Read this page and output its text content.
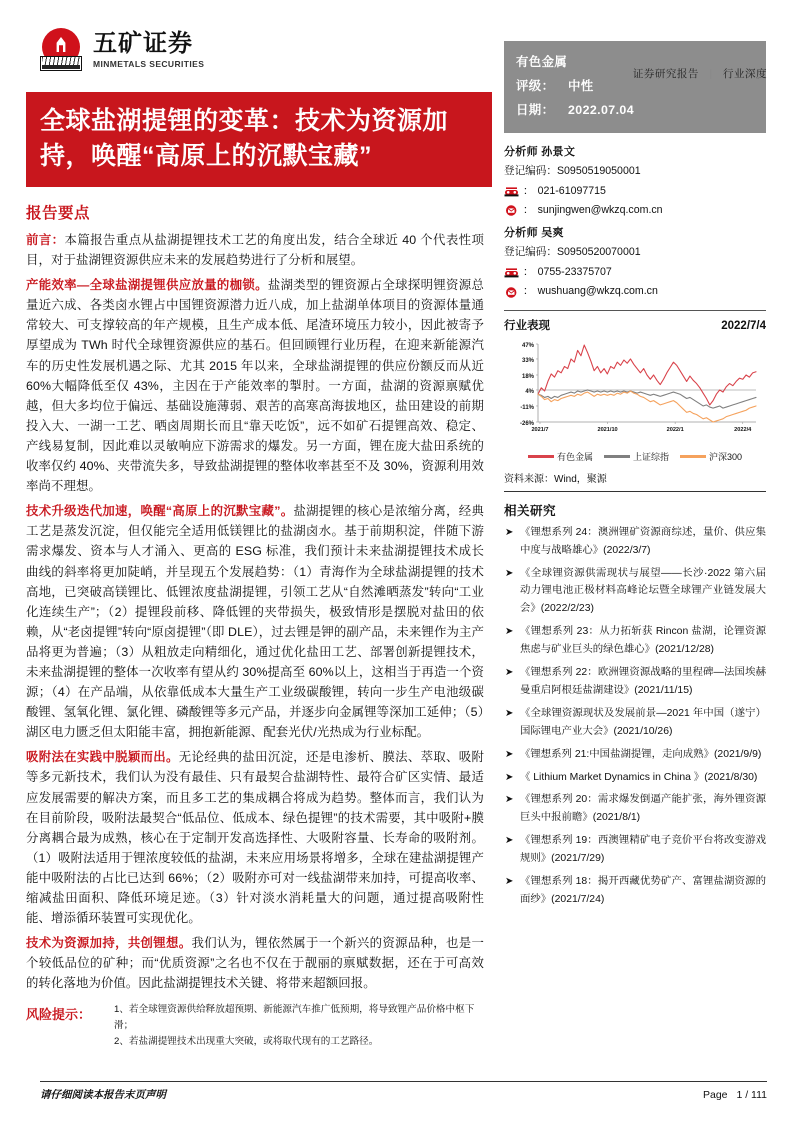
五矿证券
MINMETALS SECURITIES
证券研究报告 | 行业深度
全球盐湖提锂的变革：技术为资源加持，唤醒“高原上的沉默宝藏”
报告要点

前言：本篇报告重点从盐湖提锂技术工艺的角度出发，结合全球近 40 个代表性项目，对于盐湖锂资源供应未来的发展趋势进行了分析和展望。

产能效率—全球盐湖提锂供应放量的枷锁。盐湖类型的锂资源占全球探明锂资源总量近六成、各类卤水锂占中国锂资源潜力近八成，加上盐湖单体项目的资源体量通常较大、可支撑较高的年产规模，且生产成本低、尾渣环境压力较小，因此被寄予厚望成为 TWh 时代全球锂资源供应的基石。但回顾锂行业历程，在迎来新能源汽车的历史性发展机遇之际、尤其 2015 年以来，全球盐湖提锂的供应份额反而从近 60%大幅降低至仅 43%，主因在于产能效率的掣肘。一方面，盐湖的资源禀赋优越，但大多均位于偏远、基础设施薄弱、艰苦的高寒高海拔地区，盐田建设的前期投入大、一湖一工艺、晒卤周期长而且“靠天吃饭”，远不如矿石提锂高效、稳定、产线易复制，因此难以灵敏响应下游需求的爆发。另一方面，锂在庞大盐田系统的收率仅约 40%、夹带流失多，导致盐湖提锂的整体收率甚至不及 30%，资源利用效率尚不理想。

技术升级迭代加速，唤醒“高原上的沉默宝藏”。盐湖提锂的核心是浓缩分离，经典工艺是蒸发沉淀，但仅能完全适用低镁锂比的盐湖卤水。基于前期积淀，伴随下游需求爆发、资本与人才涌入、更高的 ESG 标准，我们预计未来盐湖提锂技术成长曲线的斜率将更加陡峭，并呈现五个发展趋势：（1）青海作为全球盐湖提锂的技术高地，已突破高镁锂比、低锂浓度盐湖提锂，引领工艺从“自然滩晒蒸发”转向“工业化连续生产”；（2）提锂段前移、降低锂的夹带损失，极致情形是摆脱对盐田的依赖，从“老卤提锂”转向“原卤提锂”（即 DLE），过去锂是钾的副产品，未来锂作为主产品将更为普遍；（3）从粗放走向精细化，通过优化盐田工艺、部署创新提锂技术，未来盐湖提锂的整体一次收率有望从约 30%提高至 60%以上，这相当于再造一个资源；（4）在产品端，从依靠低成本大量生产工业级碳酸锂，转向一步生产电池级碳酸锂、氢氧化锂、氯化锂、磷酸锂等多元产品，并逐步向金属锂等深加工延伸；（5）湖区电力匮乏但太阳能丰富，拥抱新能源、配套光伏/光热成为行业标配。

吸附法在实践中脱颖而出。无论经典的盐田沉淀，还是电渗析、膜法、萃取、吸附等多元新技术，我们认为没有最佳、只有最契合盐湖特性、最符合矿区实情、最适应发展需要的解决方案，而且多工艺的集成耦合将成为趋势。整体而言，我们认为在目前阶段，吸附法最契合“低品位、低成本、绿色提锂”的技术需要，其中吸附+膜分离耦合最为成熟，核心在于定制开发高选择性、大吸附容量、长寿命的吸附剂。（1）吸附法适用于锂浓度较低的盐湖，未来应用场景将增多，全球在建盐湖提锂产能中吸附法的占比已达到 66%；（2）吸附亦可对一线盐湖带来加持，可提高收率、缩减盐田面积、降低环境足迹。（3）针对淡水消耗量大的问题，通过提高吸附性能、增添循环装置可实现优化。

技术为资源加持，共创锂想。我们认为，锂依然属于一个新兴的资源品种，也是一个较低品位的矿种；而“优质资源”之名也不仅在于靓丽的禀赋数据，还在于可高效的转化落地为价值。因此盐湖提锂技术关键、将带来超额回报。

风险提示：	1、若全球锂资源供给释放超预期、新能源汽车推广低预期，将导致锂产品价格中枢下滑；
2、若盐湖提锂技术出现重大突破，或将取代现有的工艺路径。
有色金属
评级： 中性
日期： 2022.07.04
分析师 孙景文
登记编码：S0950519050001
： 021-61097715
： sunjingwen@wkzq.com.cn
分析师 吴爽
登记编码：S0950520070001
： 0755-23375707
： wushuang@wkzq.com.cn
行业表现	2022/7/4
47%
33%
18%
4%
-11%
-26%
2021/7	2021/10	2022/1	2022/4
有色金属	上证综指	沪深300
资料来源：Wind，聚源
相关研究
➤ 《锂想系列 24：澳洲锂矿资源商综述，量价、供应集中度与战略雄心》(2022/3/7)
➤ 《全球锂资源供需现状与展望——长沙·2022 第六届动力锂电池正极材料高峰论坛暨全球锂产业链发展大会》(2022/2/23)
➤ 《锂想系列 23：从力拓斩获 Rincon 盐湖，论锂资源焦虑与矿业巨头的绿色雄心》(2021/12/28)
➤ 《锂想系列 22：欧洲锂资源战略的里程碑—法国埃赫曼重启阿根廷盐湖建设》(2021/11/15)
➤ 《全球锂资源现状及发展前景—2021 年中国（遂宁）国际锂电产业大会》(2021/10/26)
➤ 《锂想系列 21:中国盐湖提锂，走向成熟》(2021/9/9)
➤ 《 Lithium Market Dynamics in China 》(2021/8/30)
➤ 《锂想系列 20：需求爆发倒逼产能扩张，海外锂资源巨头中报前瞻》(2021/8/1)
➤ 《锂想系列 19：西澳锂精矿电子竞价平台将改变游戏规则》(2021/7/29)
➤ 《锂想系列 18：揭开西藏优势矿产、富锂盐湖资源的面纱》(2021/7/24)
请仔细阅读本报告末页声明	Page 1 / 111
